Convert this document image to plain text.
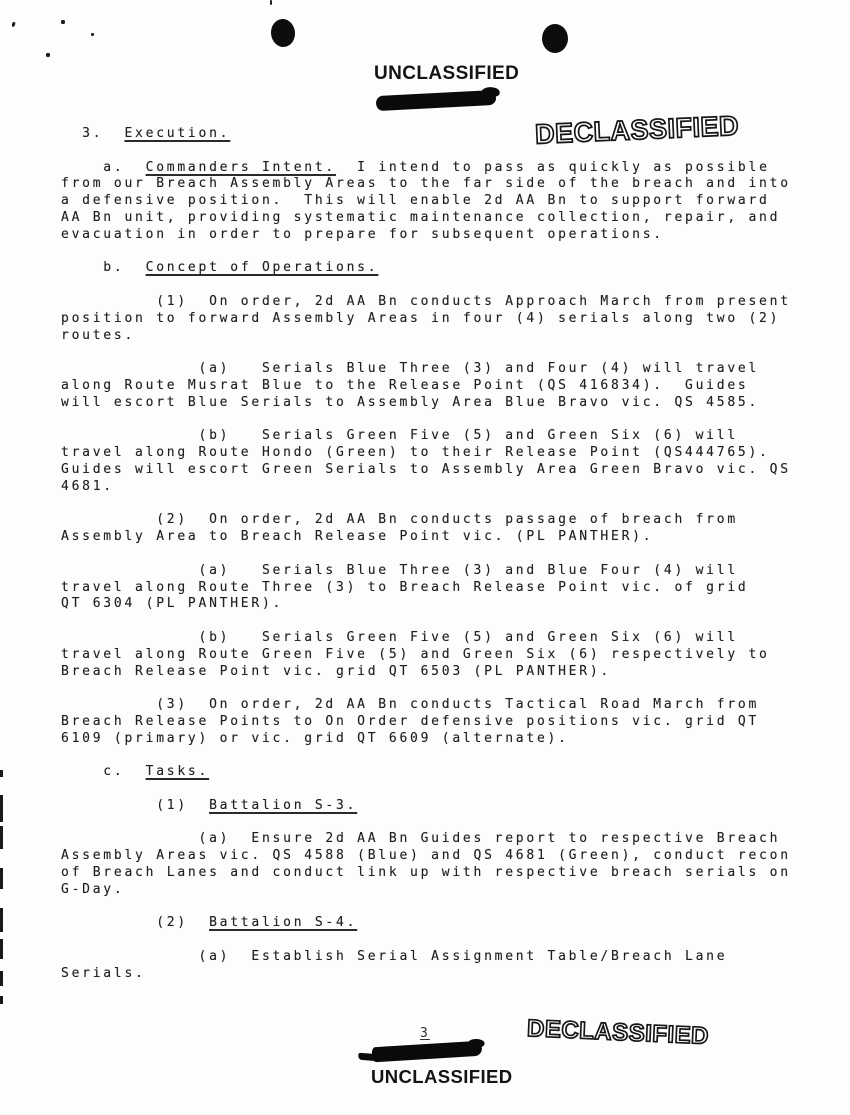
UNCLASSIFIED
DECLASSIFIED
3.  Execution.
a.  Commanders Intent.  I intend to pass as quickly as possible
from our Breach Assembly Areas to the far side of the breach and into
a defensive position.  This will enable 2d AA Bn to support forward
AA Bn unit, providing systematic maintenance collection, repair, and
evacuation in order to prepare for subsequent operations.
b.  Concept of Operations.
(1)  On order, 2d AA Bn conducts Approach March from present
position to forward Assembly Areas in four (4) serials along two (2)
routes.
(a)   Serials Blue Three (3) and Four (4) will travel
along Route Musrat Blue to the Release Point (QS 416834).  Guides
will escort Blue Serials to Assembly Area Blue Bravo vic. QS 4585.
(b)   Serials Green Five (5) and Green Six (6) will
travel along Route Hondo (Green) to their Release Point (QS444765).
Guides will escort Green Serials to Assembly Area Green Bravo vic. QS
4681.
(2)  On order, 2d AA Bn conducts passage of breach from
Assembly Area to Breach Release Point vic. (PL PANTHER).
(a)   Serials Blue Three (3) and Blue Four (4) will
travel along Route Three (3) to Breach Release Point vic. of grid
QT 6304 (PL PANTHER).
(b)   Serials Green Five (5) and Green Six (6) will
travel along Route Green Five (5) and Green Six (6) respectively to
Breach Release Point vic. grid QT 6503 (PL PANTHER).
(3)  On order, 2d AA Bn conducts Tactical Road March from
Breach Release Points to On Order defensive positions vic. grid QT
6109 (primary) or vic. grid QT 6609 (alternate).
c.  Tasks.
(1)  Battalion S-3.
(a)  Ensure 2d AA Bn Guides report to respective Breach
Assembly Areas vic. QS 4588 (Blue) and QS 4681 (Green), conduct recon
of Breach Lanes and conduct link up with respective breach serials on
G-Day.
(2)  Battalion S-4.
(a)  Establish Serial Assignment Table/Breach Lane
Serials.
3	DECLASSIFIED
UNCLASSIFIED
